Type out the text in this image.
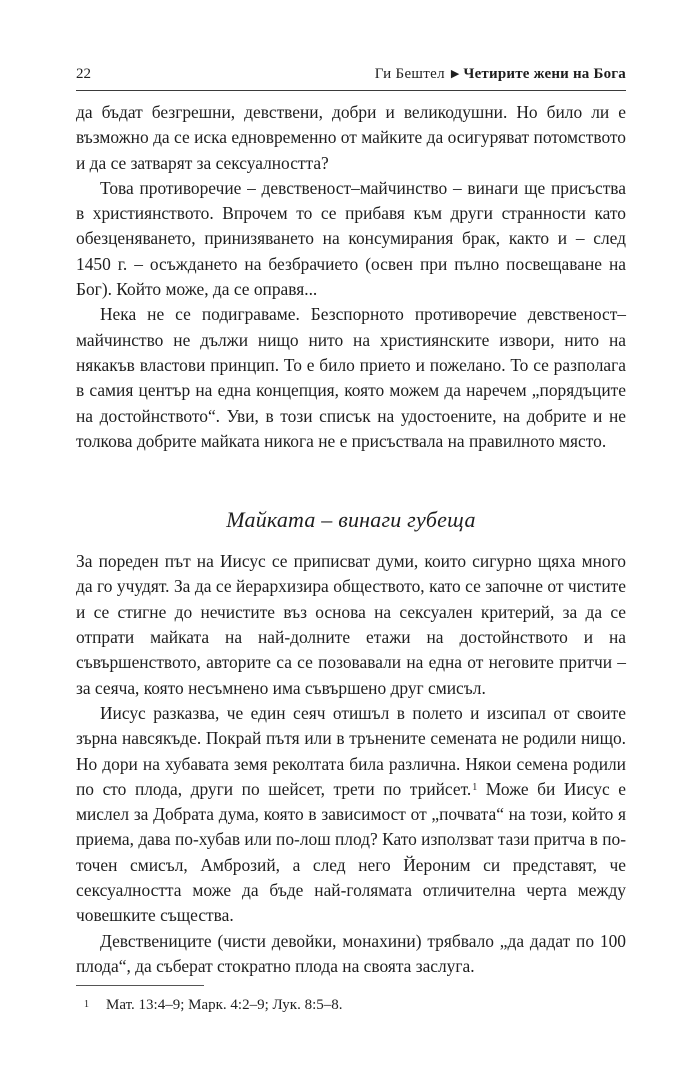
22	Ги Бештел ▶ Четирите жени на Бога

да бъдат безгрешни, девствени, добри и великодушни. Но било ли е възможно да се иска едновременно от майките да осигуряват потомството и да се затварят за сексуалността?

Това противоречие – девственост–майчинство – винаги ще присъства в християнството. Впрочем то се прибавя към други странности като обезценяването, принизяването на консумирания брак, както и – след 1450 г. – осъждането на безбрачието (освен при пълно посвещаване на Бог). Който може, да се оправя...

Нека не се подиграваме. Безспорното противоречие девственост–майчинство не дължи нищо нито на християнските извори, нито на някакъв властови принцип. То е било прието и пожелано. То се разполага в самия център на една концепция, която можем да наречем „порядъците на достойнството“. Уви, в този списък на удостоените, на добрите и не толкова добрите майката никога не е присъствала на правилното място.

Майката – винаги губеща

За пореден път на Иисус се приписват думи, които сигурно щяха много да го учудят. За да се йерархизира обществото, като се започне от чистите и се стигне до нечистите въз основа на сексуален критерий, за да се отпрати майката на най-долните етажи на достойнството и на съвършенството, авторите са се позовавали на една от неговите притчи – за сеяча, която несъмнено има съвършено друг смисъл.

Иисус разказва, че един сеяч отишъл в полето и изсипал от своите зърна навсякъде. Покрай пътя или в трънените семената не родили нищо. Но дори на хубавата земя реколтата била различна. Някои семена родили по сто плода, други по шейсет, трети по трийсет.$^1$ Може би Иисус е мислел за Добрата дума, която в зависимост от „почвата“ на този, който я приема, дава по-хубав или по-лош плод? Като използват тази притча в по-точен смисъл, Амброзий, а след него Йероним си представят, че сексуалността може да бъде най-голямата отличителна черта между човешките същества.

Девствениците (чисти девойки, монахини) трябвало „да дадат по 100 плода“, да съберат стократно плода на своята заслуга.

1 Мат. 13:4–9; Марк. 4:2–9; Лук. 8:5–8.
